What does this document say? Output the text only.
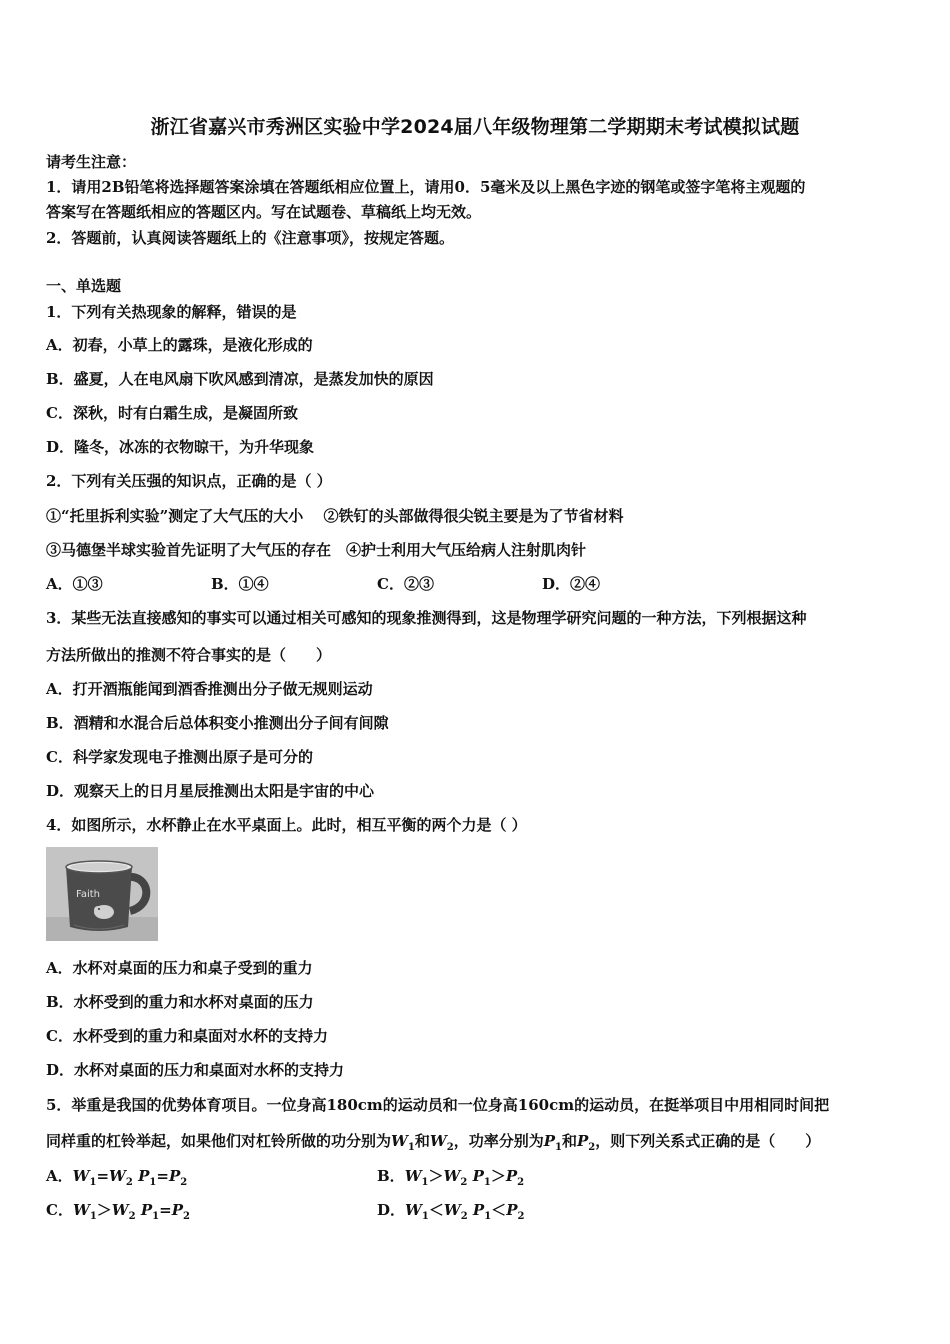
浙江省嘉兴市秀洲区实验中学2024届八年级物理第二学期期末考试模拟试题
请考生注意：
1．请用2B铅笔将选择题答案涂填在答题纸相应位置上，请用0．5毫米及以上黑色字迹的钢笔或签字笔将主观题的
答案写在答题纸相应的答题区内。写在试题卷、草稿纸上均无效。
2．答题前，认真阅读答题纸上的《注意事项》，按规定答题。
一、单选题
1．下列有关热现象的解释，错误的是
A．初春，小草上的露珠，是液化形成的
B．盛夏，人在电风扇下吹风感到清凉，是蒸发加快的原因
C．深秋，时有白霜生成，是凝固所致
D．隆冬，冰冻的衣物晾干，为升华现象
2．下列有关压强的知识点，正确的是（ ）
①“托里拆利实验”测定了大气压的大小　 ②铁钉的头部做得很尖锐主要是为了节省材料
③马德堡半球实验首先证明了大气压的存在　④护士利用大气压给病人注射肌肉针
A．①③	B．①④	C．②③	D．②④
3．某些无法直接感知的事实可以通过相关可感知的现象推测得到，这是物理学研究问题的一种方法，下列根据这种
方法所做出的推测不符合事实的是（　　）
A．打开酒瓶能闻到酒香推测出分子做无规则运动
B．酒精和水混合后总体积变小推测出分子间有间隙
C．科学家发现电子推测出原子是可分的
D．观察天上的日月星辰推测出太阳是宇宙的中心
4．如图所示，水杯静止在水平桌面上。此时，相互平衡的两个力是（ ）
Faith
A．水杯对桌面的压力和桌子受到的重力
B．水杯受到的重力和水杯对桌面的压力
C．水杯受到的重力和桌面对水杯的支持力
D．水杯对桌面的压力和桌面对水杯的支持力
5．举重是我国的优势体育项目。一位身高180cm的运动员和一位身高160cm的运动员，在挺举项目中用相同时间把
同样重的杠铃举起，如果他们对杠铃所做的功分别为$W_1$和$W_2$，功率分别为$P_1$和$P_2$，则下列关系式正确的是（　　）
A．$W_1=W_2$ $P_1=P_2$	B．$W_1>W_2$ $P_1>P_2$
C．$W_1>W_2$ $P_1=P_2$	D．$W_1<W_2$ $P_1<P_2$
